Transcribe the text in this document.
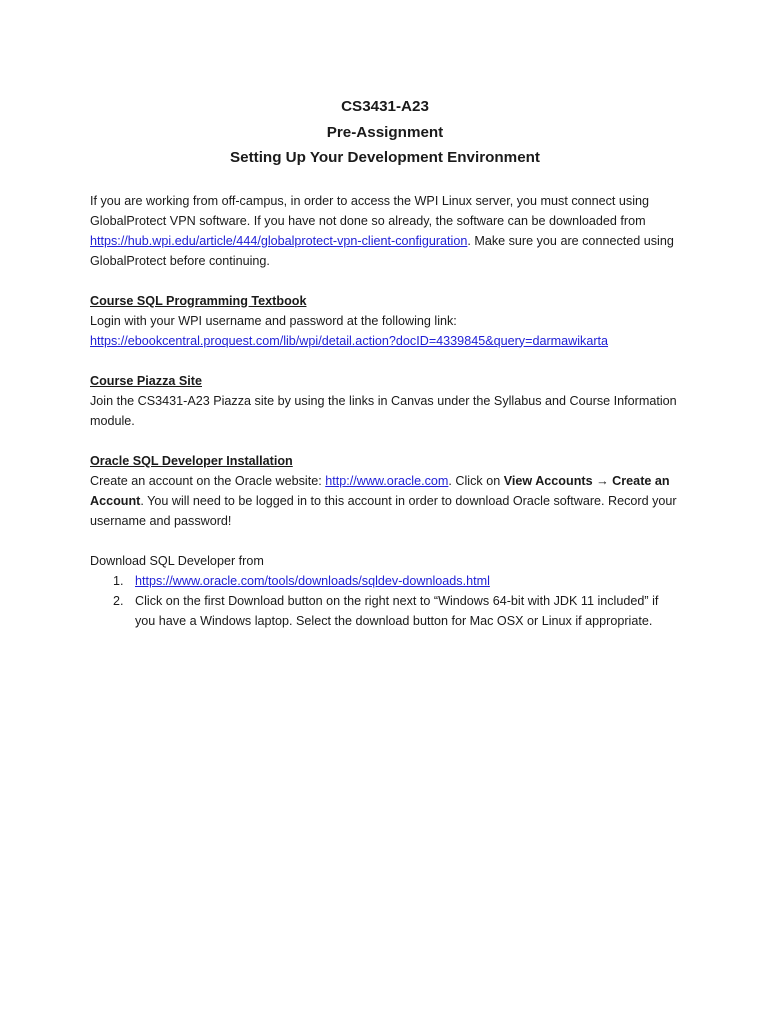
CS3431-A23
Pre-Assignment
Setting Up Your Development Environment

If you are working from off-campus, in order to access the WPI Linux server, you must connect using GlobalProtect VPN software. If you have not done so already, the software can be downloaded from https://hub.wpi.edu/article/444/globalprotect-vpn-client-configuration. Make sure you are connected using GlobalProtect before continuing.

Course SQL Programming Textbook

Login with your WPI username and password at the following link:

https://ebookcentral.proquest.com/lib/wpi/detail.action?docID=4339845&query=darmawikarta

Course Piazza Site

Join the CS3431-A23 Piazza site by using the links in Canvas under the Syllabus and Course Information module.

Oracle SQL Developer Installation

Create an account on the Oracle website: http://www.oracle.com. Click on View Accounts → Create an Account. You will need to be logged in to this account in order to download Oracle software. Record your username and password!

Download SQL Developer from

1. https://www.oracle.com/tools/downloads/sqldev-downloads.html
2. Click on the first Download button on the right next to “Windows 64-bit with JDK 11 included” if you have a Windows laptop. Select the download button for Mac OSX or Linux if appropriate.
